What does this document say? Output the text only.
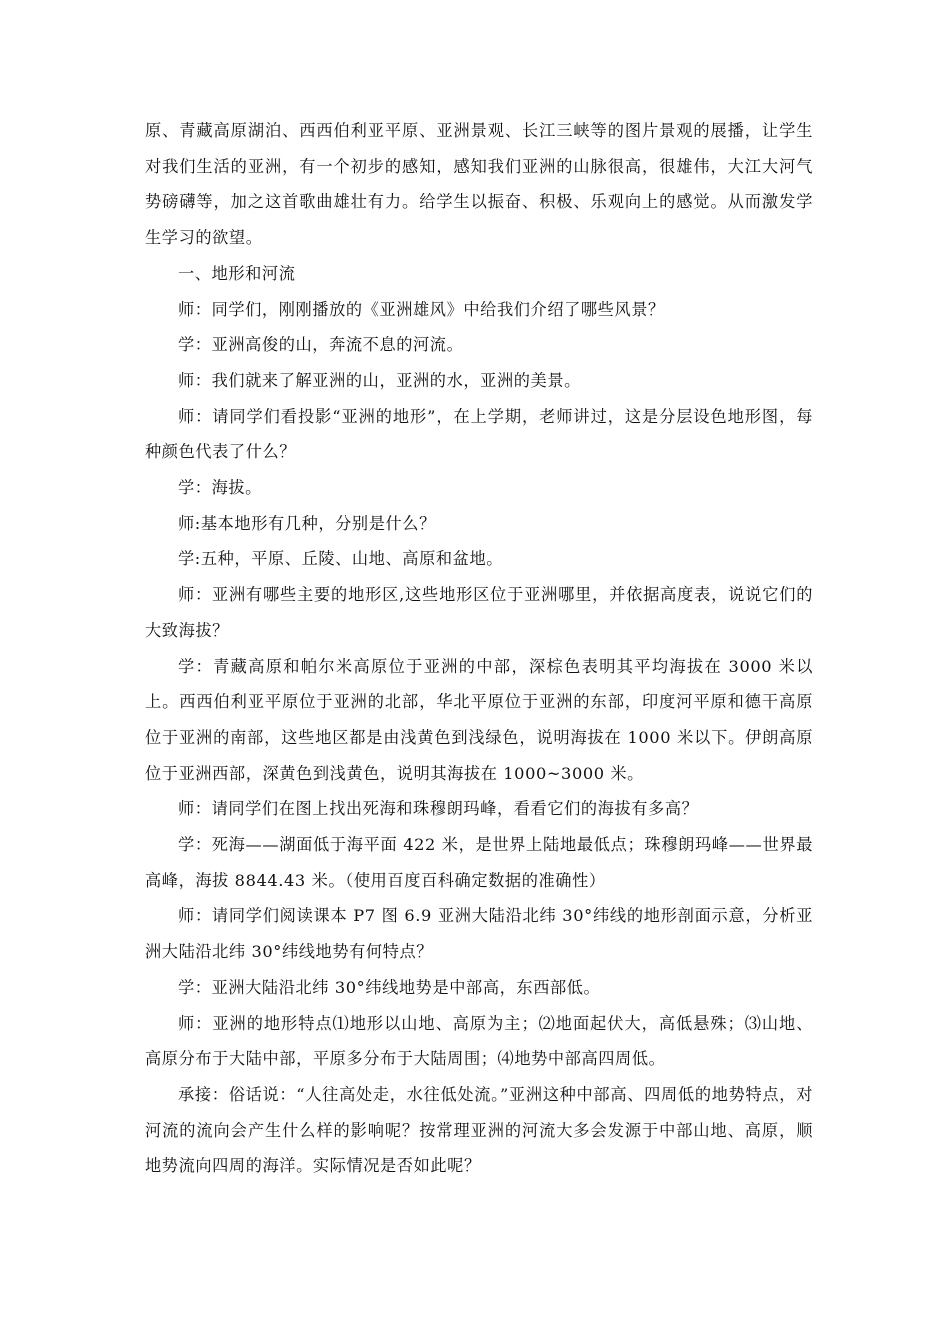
原、青藏高原湖泊、西西伯利亚平原、亚洲景观、长江三峡等的图片景观的展播，让学生对我们生活的亚洲，有一个初步的感知，感知我们亚洲的山脉很高，很雄伟，大江大河气势磅礴等，加之这首歌曲雄壮有力。给学生以振奋、积极、乐观向上的感觉。从而激发学生学习的欲望。

一、地形和河流

师：同学们，刚刚播放的《亚洲雄风》中给我们介绍了哪些风景？

学：亚洲高俊的山，奔流不息的河流。

师：我们就来了解亚洲的山，亚洲的水，亚洲的美景。

师：请同学们看投影“亚洲的地形”，在上学期，老师讲过，这是分层设色地形图，每种颜色代表了什么？

学：海拔。

师:基本地形有几种，分别是什么？

学:五种，平原、丘陵、山地、高原和盆地。

师：亚洲有哪些主要的地形区,这些地形区位于亚洲哪里，并依据高度表，说说它们的大致海拔？

学：青藏高原和帕尔米高原位于亚洲的中部，深棕色表明其平均海拔在 3000 米以上。西西伯利亚平原位于亚洲的北部，华北平原位于亚洲的东部，印度河平原和德干高原位于亚洲的南部，这些地区都是由浅黄色到浅绿色，说明海拔在 1000 米以下。伊朗高原位于亚洲西部，深黄色到浅黄色，说明其海拔在 1000~3000 米。

师：请同学们在图上找出死海和珠穆朗玛峰，看看它们的海拔有多高？

学：死海——湖面低于海平面 422 米，是世界上陆地最低点；珠穆朗玛峰——世界最高峰，海拔 8844.43 米。（使用百度百科确定数据的准确性）

师：请同学们阅读课本 P7 图 6.9 亚洲大陆沿北纬 30°纬线的地形剖面示意，分析亚洲大陆沿北纬 30°纬线地势有何特点？

学：亚洲大陆沿北纬 30°纬线地势是中部高，东西部低。

师：亚洲的地形特点⑴地形以山地、高原为主；⑵地面起伏大，高低悬殊；⑶山地、高原分布于大陆中部，平原多分布于大陆周围；⑷地势中部高四周低。

承接：俗话说：“人往高处走，水往低处流。”亚洲这种中部高、四周低的地势特点，对河流的流向会产生什么样的影响呢？按常理亚洲的河流大多会发源于中部山地、高原，顺地势流向四周的海洋。实际情况是否如此呢？
